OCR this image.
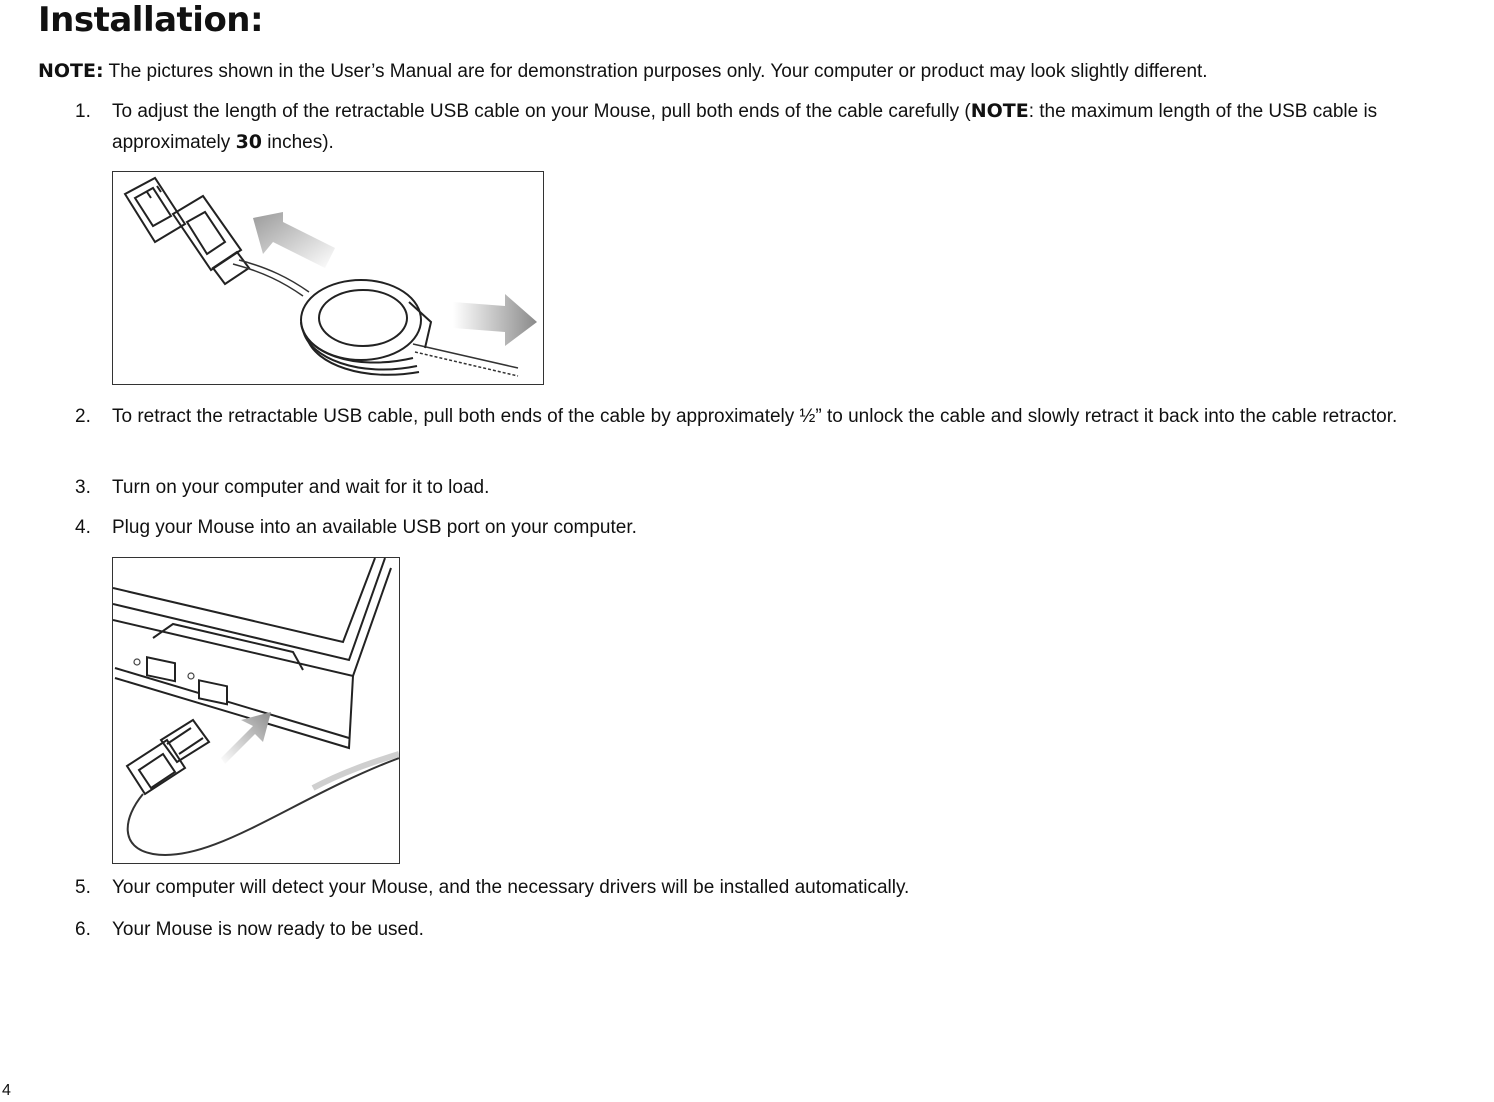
Installation:
NOTE: The pictures shown in the User’s Manual are for demonstration purposes only. Your computer or product may look slightly different.
1. To adjust the length of the retractable USB cable on your Mouse, pull both ends of the cable carefully (NOTE: the maximum length of the USB cable is approximately 30 inches).
2. To retract the retractable USB cable, pull both ends of the cable by approximately ½” to unlock the cable and slowly retract it back into the cable retractor.
3. Turn on your computer and wait for it to load.
4. Plug your Mouse into an available USB port on your computer.
5. Your computer will detect your Mouse, and the necessary drivers will be installed automatically.
6. Your Mouse is now ready to be used.
4
